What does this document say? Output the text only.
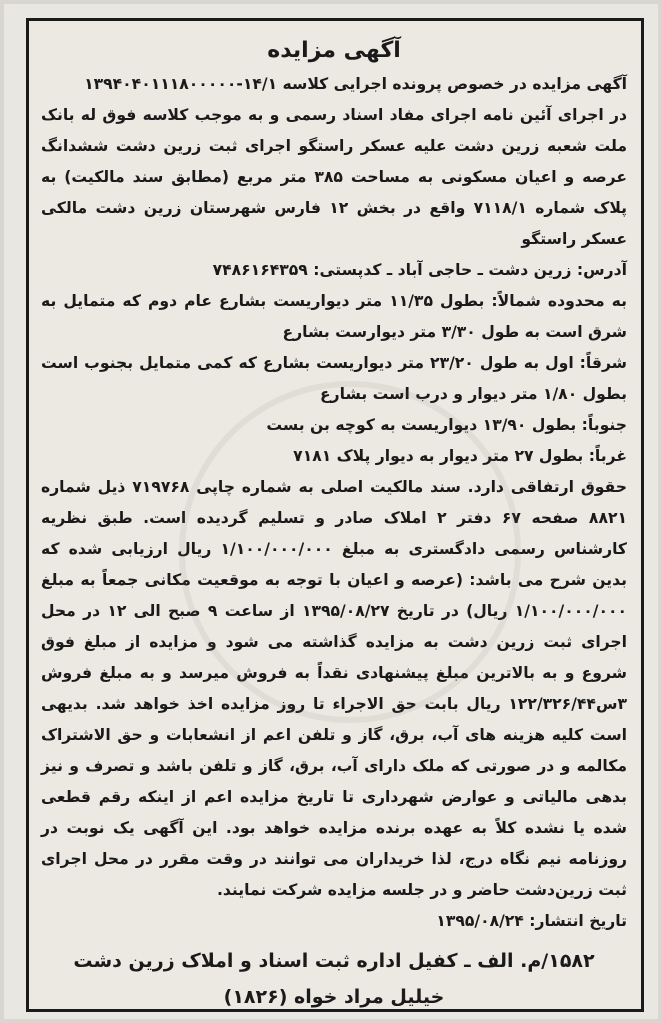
آگهی مزایده

آگهی مزایده در خصوص پرونده اجرایی کلاسه ۱۴/۱-۱۳۹۴۰۴۰۱۱۱۸۰۰۰۰۰

در اجرای آئین نامه اجرای مفاد اسناد رسمی و به موجب کلاسه فوق له بانک ملت شعبه زرین دشت علیه عسکر راستگو اجرای ثبت زرین دشت ششدانگ عرصه و اعیان مسکونی به مساحت ۳۸۵ متر مربع (مطابق سند مالکیت) به پلاک شماره ۷۱۱۸/۱ واقع در بخش ۱۲ فارس شهرستان زرین دشت مالکی عسکر راستگو

آدرس: زرین دشت ـ حاجی آباد ـ کدپستی: ۷۴۸۶۱۶۴۳۵۹

به محدوده شمالاً: بطول ۱۱/۳۵ متر دیواریست بشارع عام دوم که متمایل به شرق است به طول ۳/۳۰ متر دیوارست بشارع

شرقاً: اول به طول ۲۳/۲۰ متر دیواریست بشارع که کمی متمایل بجنوب است بطول ۱/۸۰ متر دیوار و درب است بشارع

جنوباً: بطول ۱۳/۹۰ دیواریست به کوچه بن بست

غرباً: بطول ۲۷ متر دیوار به دیوار پلاک ۷۱۸۱

حقوق ارتفاقی دارد. سند مالکیت اصلی به شماره چاپی ۷۱۹۷۶۸ ذیل شماره ۸۸۲۱ صفحه ۶۷ دفتر ۲ املاک صادر و تسلیم گردیده است. طبق نظریه کارشناس رسمی دادگستری به مبلغ ۱/۱۰۰/۰۰۰/۰۰۰ ریال ارزیابی شده که بدین شرح می باشد: (عرصه و اعیان با توجه به موقعیت مکانی جمعاً به مبلغ ۱/۱۰۰/۰۰۰/۰۰۰ ریال) در تاریخ ۱۳۹۵/۰۸/۲۷ از ساعت ۹ صبح الی ۱۲ در محل اجرای ثبت زرین دشت به مزایده گذاشته می شود و مزایده از مبلغ فوق شروع و به بالاترین مبلغ پیشنهادی نقداً به فروش میرسد و به مبلغ فروش ۳س۱۲۲/۳۲۶/۴۴ ریال بابت حق الاجراء تا روز مزایده اخذ خواهد شد. بدیهی است کلیه هزینه های آب، برق، گاز و تلفن اعم از انشعابات و حق الاشتراک مکالمه و در صورتی که ملک دارای آب، برق، گاز و تلفن باشد و تصرف و نیز بدهی مالیاتی و عوارض شهرداری تا تاریخ مزایده اعم از اینکه رقم قطعی شده یا نشده کلاً به عهده برنده مزایده خواهد بود. این آگهی یک نوبت در روزنامه نیم نگاه درج، لذا خریداران می توانند در وقت مقرر در محل اجرای ثبت زرین‌دشت حاضر و در جلسه مزایده شرکت نمایند.

تاریخ انتشار: ۱۳۹۵/۰۸/۲۴

۱۵۸۲/م. الف ـ کفیل اداره ثبت اسناد و املاک زرین دشت
خیلیل مراد خواه (۱۸۲۶)
